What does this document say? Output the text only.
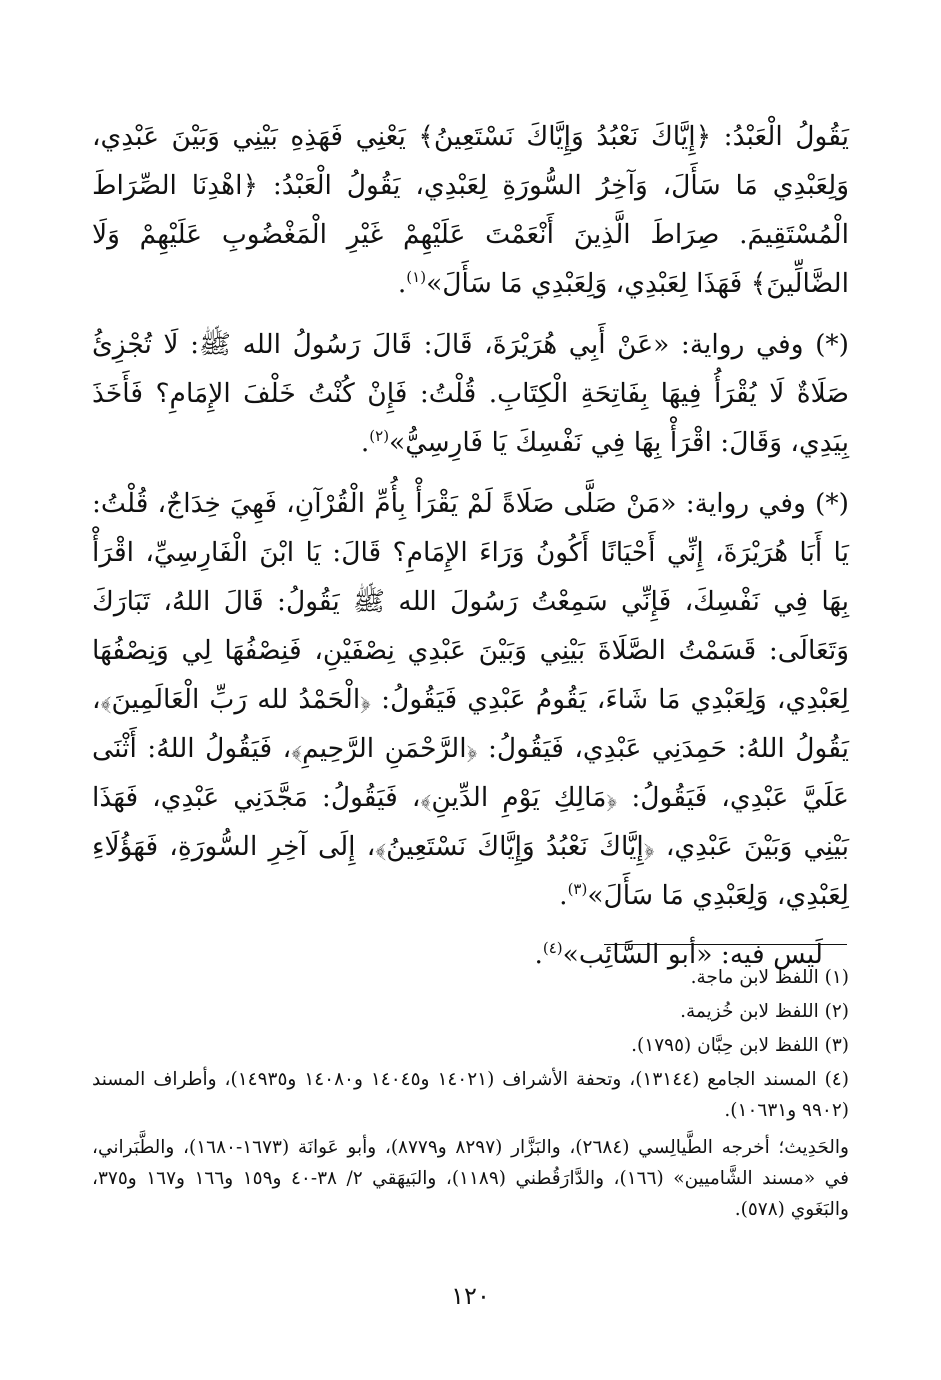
يَقُولُ الْعَبْدُ: ﴿إِيَّاكَ نَعْبُدُ وَإِيَّاكَ نَسْتَعِينُ﴾ يَعْنِي فَهَذِهِ بَيْنِي وَبَيْنَ عَبْدِي، وَلِعَبْدِي مَا سَأَلَ، وَآخِرُ السُّورَةِ لِعَبْدِي، يَقُولُ الْعَبْدُ: ﴿اهْدِنَا الصِّرَاطَ الْمُسْتَقِيمَ. صِرَاطَ الَّذِينَ أَنْعَمْتَ عَلَيْهِمْ غَيْرِ الْمَغْضُوبِ عَلَيْهِمْ وَلَا الضَّالِّينَ﴾ فَهَذَا لِعَبْدِي، وَلِعَبْدِي مَا سَأَلَ»$^{(١)}$.

(*) وفي رواية: «عَنْ أَبِي هُرَيْرَةَ، قَالَ: قَالَ رَسُولُ الله ﷺ: لَا تُجْزِئُ صَلَاةٌ لَا يُقْرَأُ فِيهَا بِفَاتِحَةِ الْكِتَابِ. قُلْتُ: فَإِنْ كُنْتُ خَلْفَ الإِمَامِ؟ فَأَخَذَ بِيَدِي، وَقَالَ: اقْرَأْ بِهَا فِي نَفْسِكَ يَا فَارِسِيُّ»$^{(٢)}$.

(*) وفي رواية: «مَنْ صَلَّى صَلَاةً لَمْ يَقْرَأْ بِأُمِّ الْقُرْآنِ، فَهِيَ خِدَاجٌ، قُلْتُ: يَا أَبَا هُرَيْرَةَ، إِنِّي أَحْيَانًا أَكُونُ وَرَاءَ الإِمَامِ؟ قَالَ: يَا ابْنَ الْفَارِسِيِّ، اقْرَأْ بِهَا فِي نَفْسِكَ، فَإِنِّي سَمِعْتُ رَسُولَ الله ﷺ يَقُولُ: قَالَ اللهُ، تَبَارَكَ وَتَعَالَى: قَسَمْتُ الصَّلَاةَ بَيْنِي وَبَيْنَ عَبْدِي نِصْفَيْنِ، فَنِصْفُهَا لِي وَنِصْفُهَا لِعَبْدِي، وَلِعَبْدِي مَا شَاءَ، يَقُومُ عَبْدِي فَيَقُولُ: ﴿الْحَمْدُ لله رَبِّ الْعَالَمِينَ﴾، يَقُولُ اللهُ: حَمِدَنِي عَبْدِي، فَيَقُولُ: ﴿الرَّحْمَنِ الرَّحِيمِ﴾، فَيَقُولُ اللهُ: أَثْنَى عَلَيَّ عَبْدِي، فَيَقُولُ: ﴿مَالِكِ يَوْمِ الدِّينِ﴾، فَيَقُولُ: مَجَّدَنِي عَبْدِي، فَهَذَا بَيْنِي وَبَيْنَ عَبْدِي، ﴿إِيَّاكَ نَعْبُدُ وَإِيَّاكَ نَسْتَعِينُ﴾، إِلَى آخِرِ السُّورَةِ، فَهَؤُلَاءِ لِعَبْدِي، وَلِعَبْدِي مَا سَأَلَ»$^{(٣)}$.

لَيس فيه: «أبو السَّائِب»$^{(٤)}$.

(١) اللفظ لابن ماجة.

(٢) اللفظ لابن خُزيمة.

(٣) اللفظ لابن حِبَّان (١٧٩٥).

(٤) المسند الجامع (١٣١٤٤)، وتحفة الأشراف (١٤٠٢١ و١٤٠٤٥ و١٤٠٨٠ و١٤٩٣٥)، وأطراف المسند (٩٩٠٢ و١٠٦٣١).

والحَدِيث؛ أخرجه الطَّيالِسي (٢٦٨٤)، والبَزَّار (٨٢٩٧ و٨٧٧٩)، وأبو عَوانَة (١٦٧٣-١٦٨٠)، والطَّبَراني، في «مسند الشَّاميين» (١٦٦)، والدَّارَقُطني (١١٨٩)، والبَيهَقي ٢/ ٣٨-٤٠ و١٥٩ و١٦٦ و١٦٧ و٣٧٥، والبَغَوي (٥٧٨).

١٢٠
